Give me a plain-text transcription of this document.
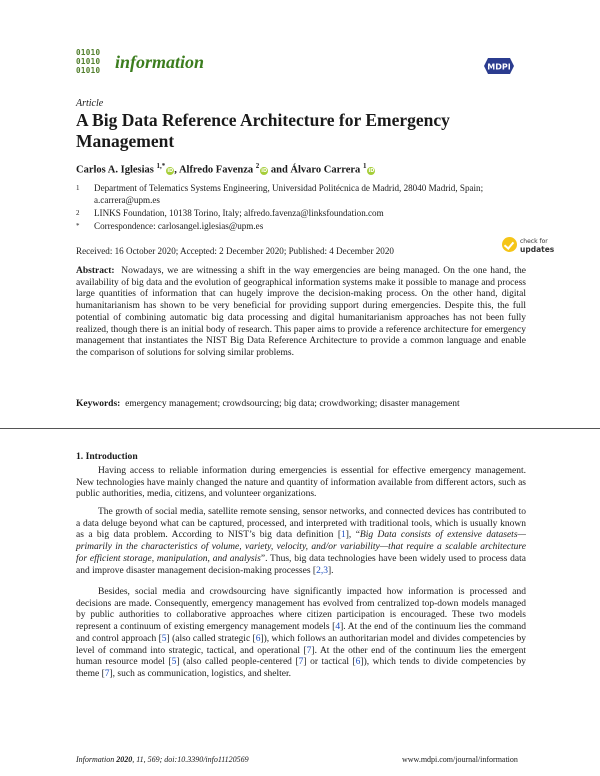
01010
01010
01010 information	MDPI
Article
A Big Data Reference Architecture for Emergency Management
Carlos A. Iglesias $^{1,*}$iD, Alfredo Favenza $^2$iD and Álvaro Carrera $^1$iD
1 Department of Telematics Systems Engineering, Universidad Politécnica de Madrid, 28040 Madrid, Spain; a.carrera@upm.es
2 LINKS Foundation, 10138 Torino, Italy; alfredo.favenza@linksfoundation.com
* Correspondence: carlosangel.iglesias@upm.es
Received: 16 October 2020; Accepted: 2 December 2020; Published: 4 December 2020
check for
updates
Abstract: Nowadays, we are witnessing a shift in the way emergencies are being managed. On the one hand, the availability of big data and the evolution of geographical information systems make it possible to manage and process large quantities of information that can hugely improve the decision-making process. On the other hand, digital humanitarianism has shown to be very beneficial for providing support during emergencies. Despite this, the full potential of combining automatic big data processing and digital humanitarianism approaches has not been fully realized, though there is an initial body of research. This paper aims to provide a reference architecture for emergency management that instantiates the NIST Big Data Reference Architecture to provide a common language and enable the comparison of solutions for solving similar problems.
Keywords: emergency management; crowdsourcing; big data; crowdworking; disaster management
1. Introduction
Having access to reliable information during emergencies is essential for effective emergency management. New technologies have mainly changed the nature and quantity of information available from different actors, such as public authorities, media, citizens, and volunteer organizations.
The growth of social media, satellite remote sensing, sensor networks, and connected devices has contributed to a data deluge beyond what can be captured, processed, and interpreted with traditional tools, which is usually known as a big data problem. According to NIST’s big data definition [1], “Big Data consists of extensive datasets—primarily in the characteristics of volume, variety, velocity, and/or variability—that require a scalable architecture for efficient storage, manipulation, and analysis”. Thus, big data technologies have been widely used to process data and improve disaster management decision-making processes [2,3].
Besides, social media and crowdsourcing have significantly impacted how information is processed and decisions are made. Consequently, emergency management has evolved from centralized top-down models managed by public authorities to collaborative approaches where citizen participation is encouraged. These two models represent a continuum of existing emergency management models [4]. At the end of the continuum lies the command and control approach [5] (also called strategic [6]), which follows an authoritarian model and divides competencies by level of command into strategic, tactical, and operational [7]. At the other end of the continuum lies the emergent human resource model [5] (also called people-centered [7] or tactical [6]), which tends to divide competencies by theme [7], such as communication, logistics, and shelter.
Information 2020, 11, 569; doi:10.3390/info11120569	www.mdpi.com/journal/information
